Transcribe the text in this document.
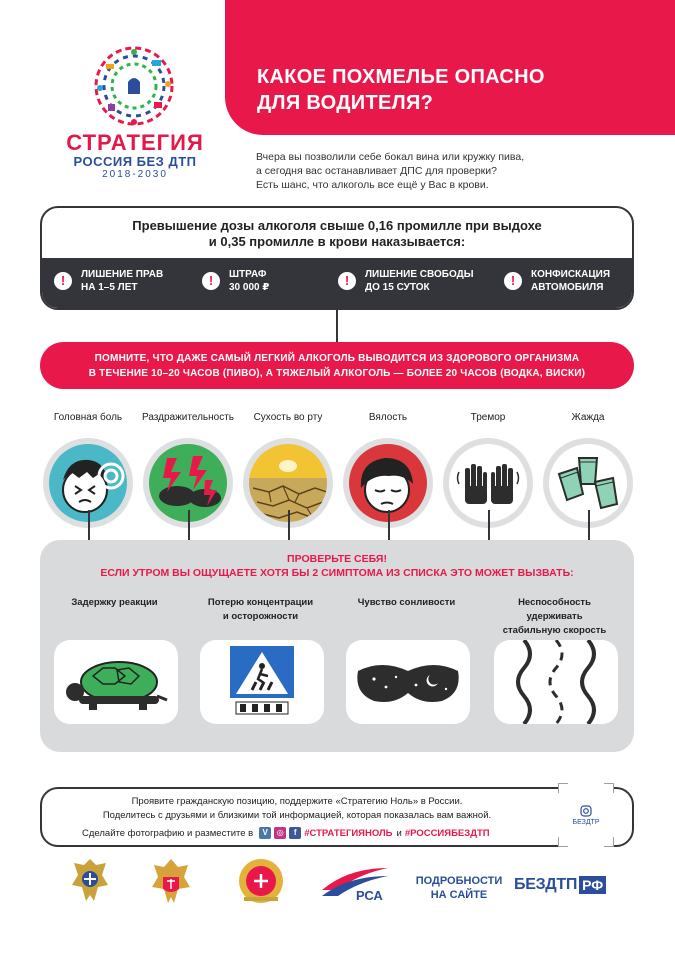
СТРАТЕГИЯ
РОССИЯ БЕЗ ДТП
2018-2030
КАКОЕ ПОХМЕЛЬЕ ОПАСНО
ДЛЯ ВОДИТЕЛЯ?
Вчера вы позволили себе бокал вина или кружку пива,
а сегодня вас останавливает ДПС для проверки?
Есть шанс, что алкоголь все ещё у Вас в крови.
Превышение дозы алкоголя свыше 0,16 промилле при выдохе
и 0,35 промилле в крови наказывается:
!	ЛИШЕНИЕ ПРАВ
НА 1–5 ЛЕТ	!	ШТРАФ
30 000 ₽	!	ЛИШЕНИЕ СВОБОДЫ
ДО 15 СУТОК	!	КОНФИСКАЦИЯ
АВТОМОБИЛЯ
ПОМНИТЕ, ЧТО ДАЖЕ САМЫЙ ЛЕГКИЙ АЛКОГОЛЬ ВЫВОДИТСЯ ИЗ ЗДОРОВОГО ОРГАНИЗМА
В ТЕЧЕНИЕ 10–20 ЧАСОВ (ПИВО), А ТЯЖЕЛЫЙ АЛКОГОЛЬ — БОЛЕЕ 20 ЧАСОВ (ВОДКА, ВИСКИ)
Головная боль	Раздражительность	Сухость во рту	Вялость	Тремор	Жажда
ПРОВЕРЬТЕ СЕБЯ!
ЕСЛИ УТРОМ ВЫ ОЩУЩАЕТЕ ХОТЯ БЫ 2 СИМПТОМА ИЗ СПИСКА ЭТО МОЖЕТ ВЫЗВАТЬ:
Задержку реакции	Потерю концентрации
и осторожности
Чувство сонливости	Неспособность удерживать
стабильную скорость
Проявите гражданскую позицию, поддержите «Стратегию Ноль» в России.
Поделитесь с друзьями и близкими той информацией, которая показалась вам важной.
Сделайте фотографию и разместите в	V	◎	f #СТРАТЕГИЯНОЛЬ и #РОССИЯБЕЗДТП
БЕЗДТР
РСА
ПОДРОБНОСТИ
НА САЙТЕ
БЕЗДТП РФ
